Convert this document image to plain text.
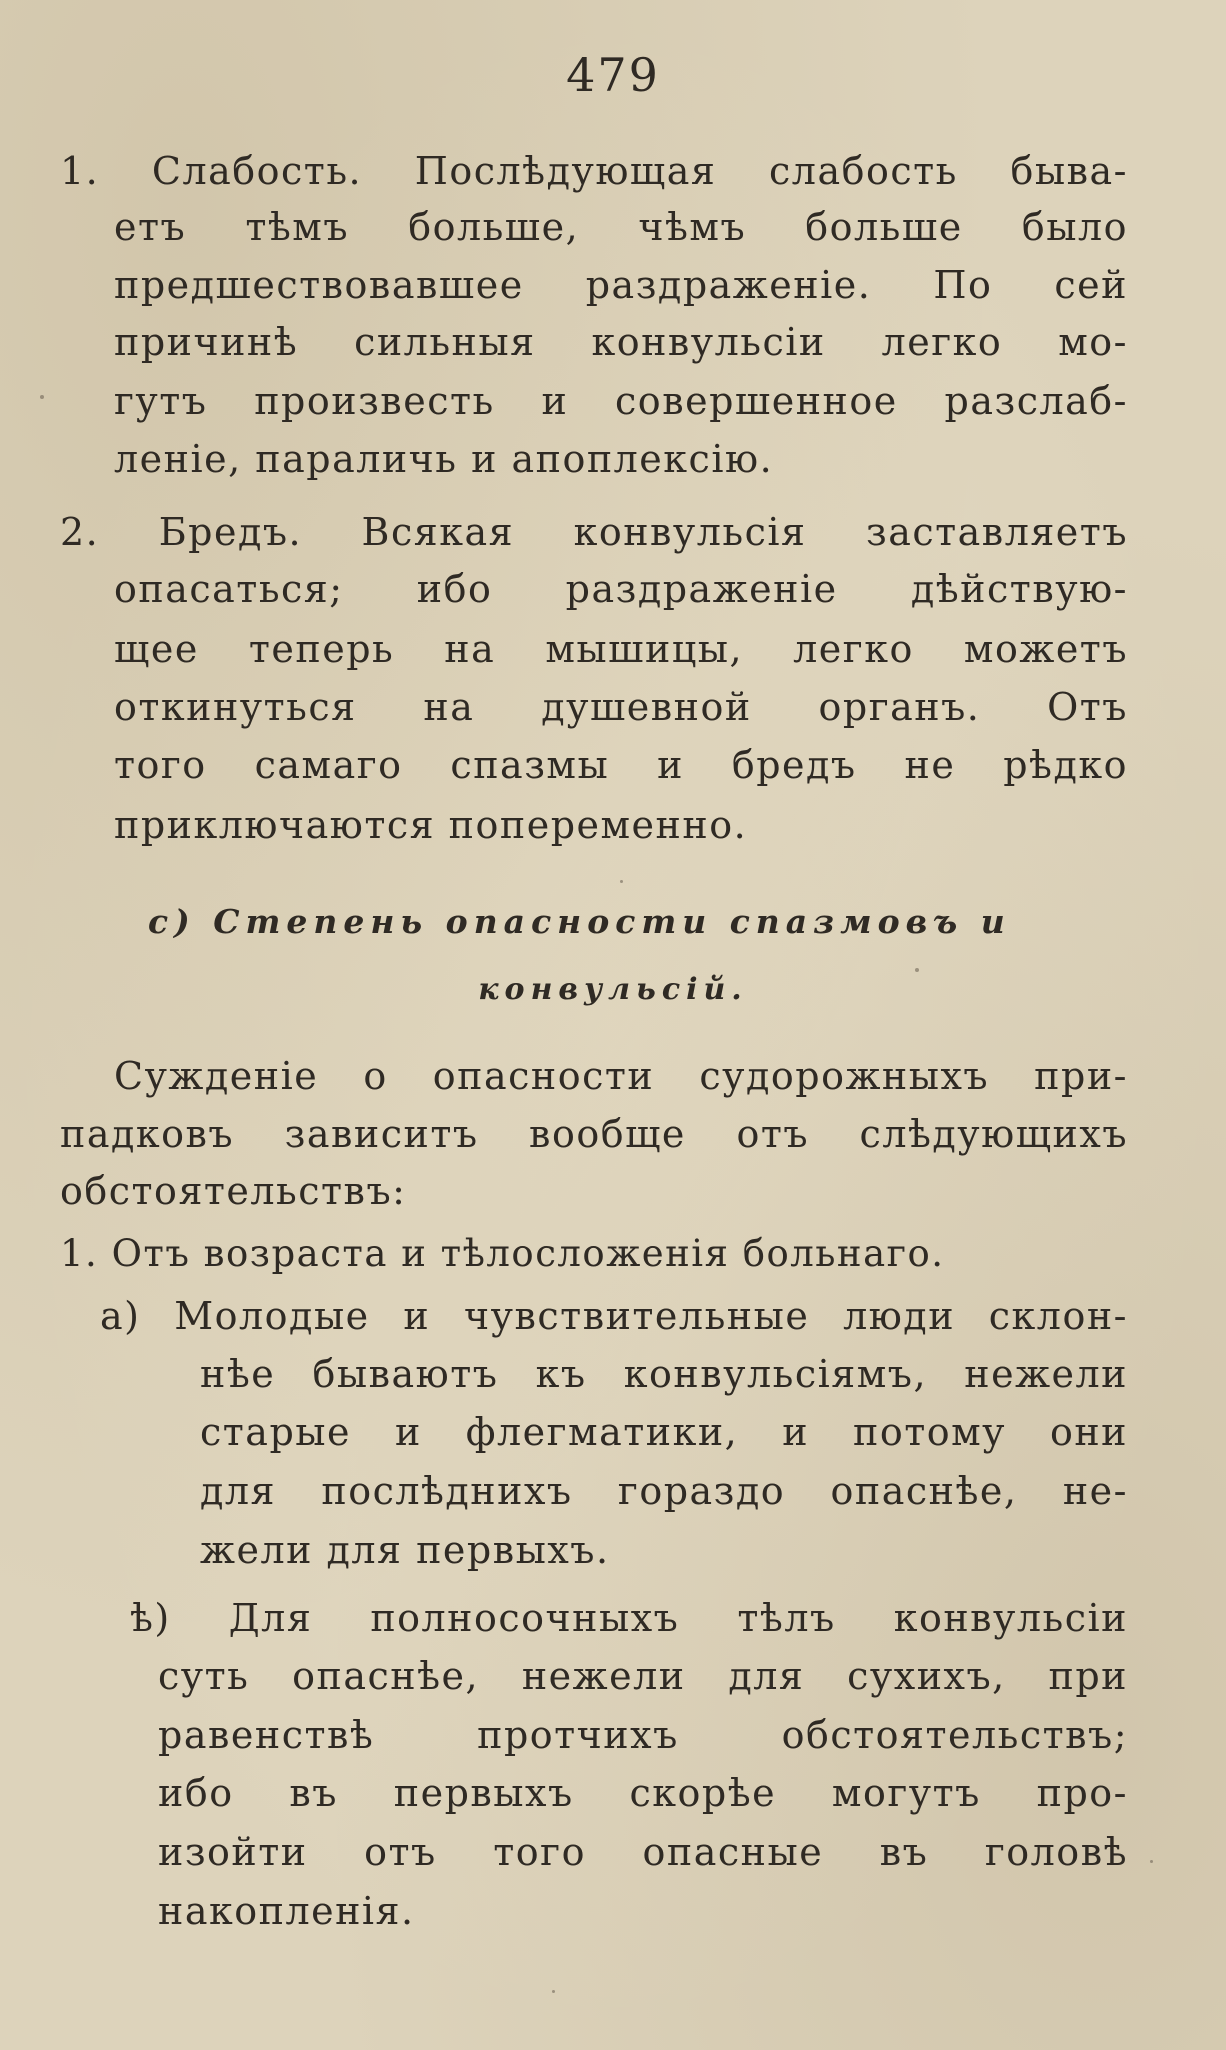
479
1. Слабость. Послѣдующая слабость быва-
етъ тѣмъ больше, чѣмъ больше было
предшествовавшее раздраженіе. По сей
причинѣ сильныя конвульсіи легко мо-
гутъ произвесть и совершенное разслаб-
леніе, параличь и апоплексію.
2. Бредъ. Всякая конвульсія заставляетъ
опасаться; ибо раздраженіе дѣйствую-
щее теперь на мышицы, легко можетъ
откинуться на душевной органъ. Отъ
того самаго спазмы и бредъ не рѣдко
приключаются попеременно.
c) Степень опасности спазмовъ и
конвульсій.
Сужденіе о опасности судорожныхъ при-
падковъ зависитъ вообще отъ слѣдующихъ
обстоятельствъ:
1. Отъ возраста и тѣлосложенія больнаго.
а) Молодые и чувствительные люди склон-
нѣе бываютъ къ конвульсіямъ, нежели
старые и флегматики, и потому они
для послѣднихъ гораздо опаснѣе, не-
жели для первыхъ.
ѣ) Для полносочныхъ тѣлъ конвульсіи
суть опаснѣе, нежели для сухихъ, при
равенствѣ протчихъ обстоятельствъ;
ибо въ первыхъ скорѣе могутъ про-
изойти отъ того опасные въ головѣ
накопленія.
